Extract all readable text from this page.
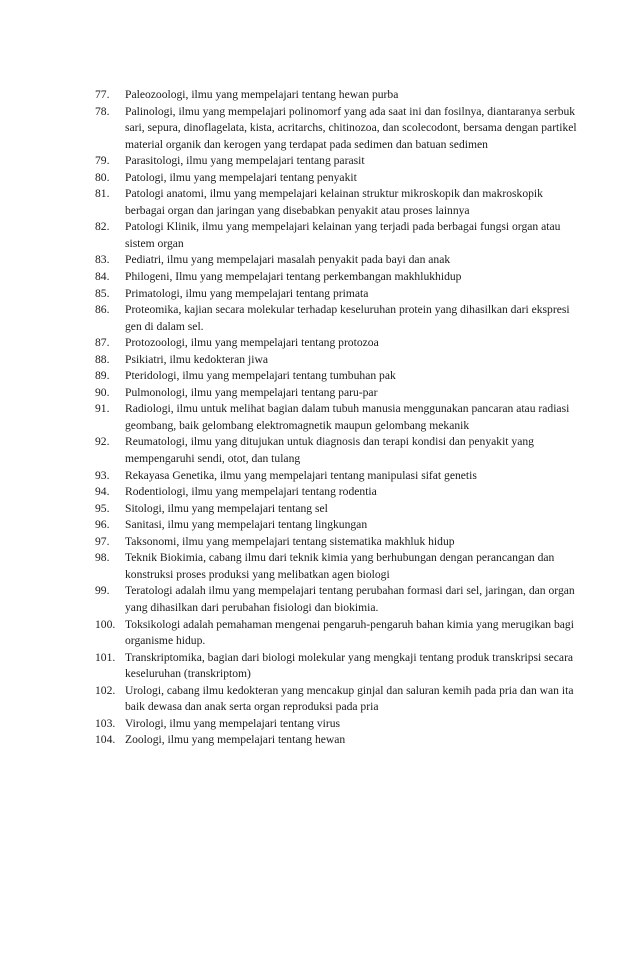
77.	Paleozoologi, ilmu yang mempelajari tentang hewan purba
78.	Palinologi, ilmu yang mempelajari polinomorf yang ada saat ini dan fosilnya, diantaranya serbuk sari, sepura, dinoflagelata, kista, acritarchs, chitinozoa, dan scolecodont, bersama dengan partikel material organik dan kerogen yang terdapat pada sedimen dan batuan sedimen
79.	Parasitologi, ilmu yang mempelajari tentang parasit
80.	Patologi, ilmu yang mempelajari tentang penyakit
81.	Patologi anatomi, ilmu yang mempelajari kelainan struktur mikroskopik dan makroskopik berbagai organ dan jaringan yang disebabkan penyakit atau proses lainnya
82.	Patologi Klinik, ilmu yang mempelajari kelainan yang terjadi pada berbagai fungsi organ atau sistem organ
83.	Pediatri, ilmu yang mempelajari masalah penyakit pada bayi dan anak
84.	Philogeni, Ilmu yang mempelajari tentang perkembangan makhlukhidup
85.	Primatologi, ilmu yang mempelajari tentang primata
86.	Proteomika, kajian secara molekular terhadap keseluruhan protein yang dihasilkan dari ekspresi gen di dalam sel.
87.	Protozoologi, ilmu yang mempelajari tentang protozoa
88.	Psikiatri, ilmu kedokteran jiwa
89.	Pteridologi, ilmu yang mempelajari tentang tumbuhan pak
90.	Pulmonologi, ilmu yang mempelajari tentang paru-par
91.	Radiologi, ilmu untuk melihat bagian dalam tubuh manusia menggunakan pancaran atau radiasi geombang, baik gelombang elektromagnetik maupun gelombang mekanik
92.	Reumatologi, ilmu yang ditujukan untuk diagnosis dan terapi kondisi dan penyakit yang mempengaruhi sendi, otot, dan tulang
93.	Rekayasa Genetika, ilmu yang mempelajari tentang manipulasi sifat genetis
94.	Rodentiologi, ilmu yang mempelajari tentang rodentia
95.	Sitologi, ilmu yang mempelajari tentang sel
96.	Sanitasi, ilmu yang mempelajari tentang lingkungan
97.	Taksonomi, ilmu yang mempelajari tentang sistematika makhluk hidup
98.	Teknik Biokimia, cabang ilmu dari teknik kimia yang berhubungan dengan perancangan dan konstruksi proses produksi yang melibatkan agen biologi
99.	Teratologi adalah ilmu yang mempelajari tentang perubahan formasi dari sel, jaringan, dan organ yang dihasilkan dari perubahan fisiologi dan biokimia.
100. Toksikologi adalah pemahaman mengenai pengaruh-pengaruh bahan kimia yang merugikan bagi organisme hidup.
101. Transkriptomika, bagian dari biologi molekular yang mengkaji tentang produk transkripsi secara keseluruhan (transkriptom)
102. Urologi, cabang ilmu kedokteran yang mencakup ginjal dan saluran kemih pada pria dan wan ita baik dewasa dan anak serta organ reproduksi pada pria
103. Virologi, ilmu yang mempelajari tentang virus
104. Zoologi, ilmu yang mempelajari tentang hewan
